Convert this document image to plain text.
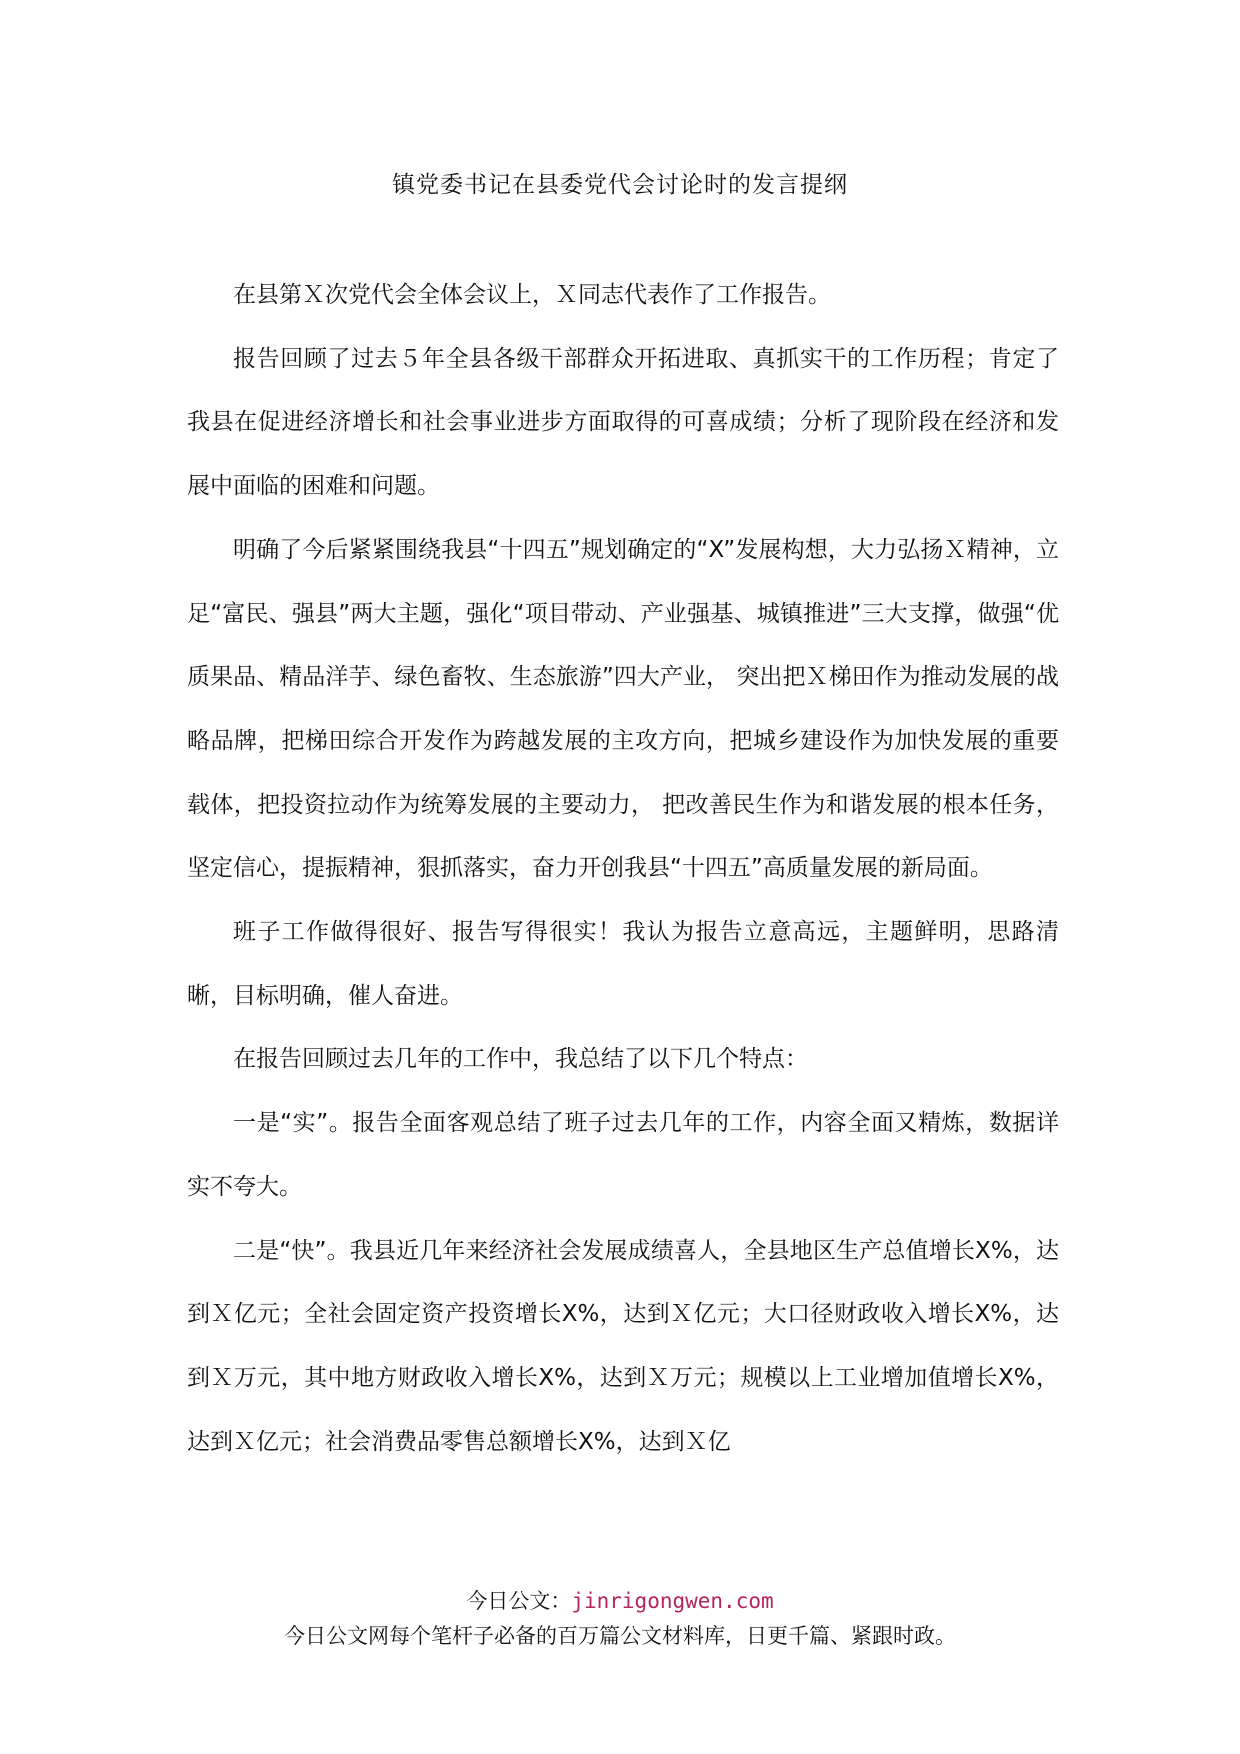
镇党委书记在县委党代会讨论时的发言提纲

在县第Ｘ次党代会全体会议上，Ｘ同志代表作了工作报告。

报告回顾了过去５年全县各级干部群众开拓进取、真抓实干的工作历程；肯定了我县在促进经济增长和社会事业进步方面取得的可喜成绩；分析了现阶段在经济和发展中面临的困难和问题。

明确了今后紧紧围绕我县“十四五”规划确定的“X”发展构想，大力弘扬Ｘ精神，立足“富民、强县”两大主题，强化“项目带动、产业强基、城镇推进”三大支撑，做强“优质果品、精品洋芋、绿色畜牧、生态旅游”四大产业， 突出把Ｘ梯田作为推动发展的战略品牌，把梯田综合开发作为跨越发展的主攻方向，把城乡建设作为加快发展的重要载体，把投资拉动作为统筹发展的主要动力， 把改善民生作为和谐发展的根本任务，坚定信心，提振精神，狠抓落实，奋力开创我县“十四五”高质量发展的新局面。

班子工作做得很好、报告写得很实！我认为报告立意高远，主题鲜明，思路清晰，目标明确，催人奋进。

在报告回顾过去几年的工作中，我总结了以下几个特点：

一是“实”。报告全面客观总结了班子过去几年的工作，内容全面又精炼，数据详实不夸大。

二是“快”。我县近几年来经济社会发展成绩喜人，全县地区生产总值增长X%，达到Ｘ亿元；全社会固定资产投资增长X%，达到Ｘ亿元；大口径财政收入增长X%，达到Ｘ万元，其中地方财政收入增长X%，达到Ｘ万元；规模以上工业增加值增长X%，达到Ｘ亿元；社会消费品零售总额增长X%，达到Ｘ亿

今日公文：jinrigongwen.com
今日公文网每个笔杆子必备的百万篇公文材料库，日更千篇、紧跟时政。
